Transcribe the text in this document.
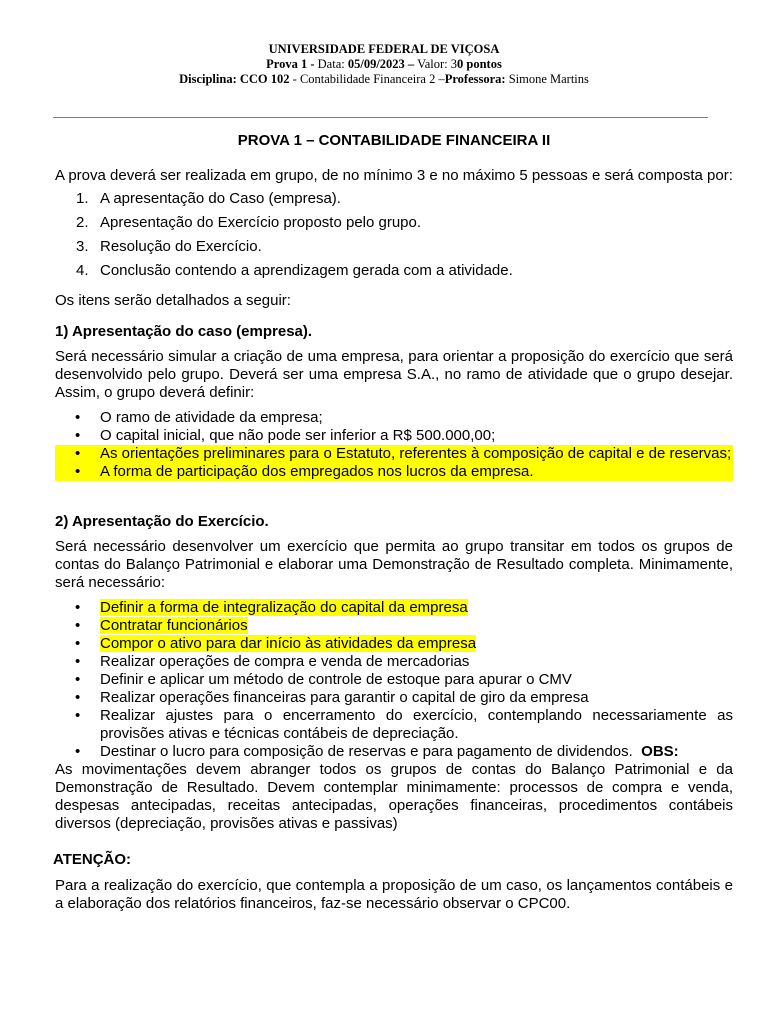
UNIVERSIDADE FEDERAL DE VIÇOSA
Prova 1 - Data: 05/09/2023 – Valor: 30 pontos
Disciplina: CCO 102 - Contabilidade Financeira 2 –Professora: Simone Martins
PROVA 1 – CONTABILIDADE FINANCEIRA II

A prova deverá ser realizada em grupo, de no mínimo 3 e no máximo 5 pessoas e será composta por:

1. A apresentação do Caso (empresa).
2. Apresentação do Exercício proposto pelo grupo.
3. Resolução do Exercício.
4. Conclusão contendo a aprendizagem gerada com a atividade.

Os itens serão detalhados a seguir:

1) Apresentação do caso (empresa).

Será necessário simular a criação de uma empresa, para orientar a proposição do exercício que será desenvolvido pelo grupo. Deverá ser uma empresa S.A., no ramo de atividade que o grupo desejar. Assim, o grupo deverá definir:

• O ramo de atividade da empresa;
• O capital inicial, que não pode ser inferior a R$ 500.000,00;
• As orientações preliminares para o Estatuto, referentes à composição de capital e de reservas;
• A forma de participação dos empregados nos lucros da empresa.

2) Apresentação do Exercício.

Será necessário desenvolver um exercício que permita ao grupo transitar em todos os grupos de contas do Balanço Patrimonial e elaborar uma Demonstração de Resultado completa. Minimamente, será necessário:

• Definir a forma de integralização do capital da empresa
• Contratar funcionários
• Compor o ativo para dar início às atividades da empresa
• Realizar operações de compra e venda de mercadorias
• Definir e aplicar um método de controle de estoque para apurar o CMV
• Realizar operações financeiras para garantir o capital de giro da empresa
• Realizar ajustes para o encerramento do exercício, contemplando necessariamente as provisões ativas e técnicas contábeis de depreciação.
• Destinar o lucro para composição de reservas e para pagamento de dividendos. OBS:

As movimentações devem abranger todos os grupos de contas do Balanço Patrimonial e da Demonstração de Resultado. Devem contemplar minimamente: processos de compra e venda, despesas antecipadas, receitas antecipadas, operações financeiras, procedimentos contábeis diversos (depreciação, provisões ativas e passivas)

ATENÇÃO:

Para a realização do exercício, que contempla a proposição de um caso, os lançamentos contábeis e a elaboração dos relatórios financeiros, faz-se necessário observar o CPC00.
